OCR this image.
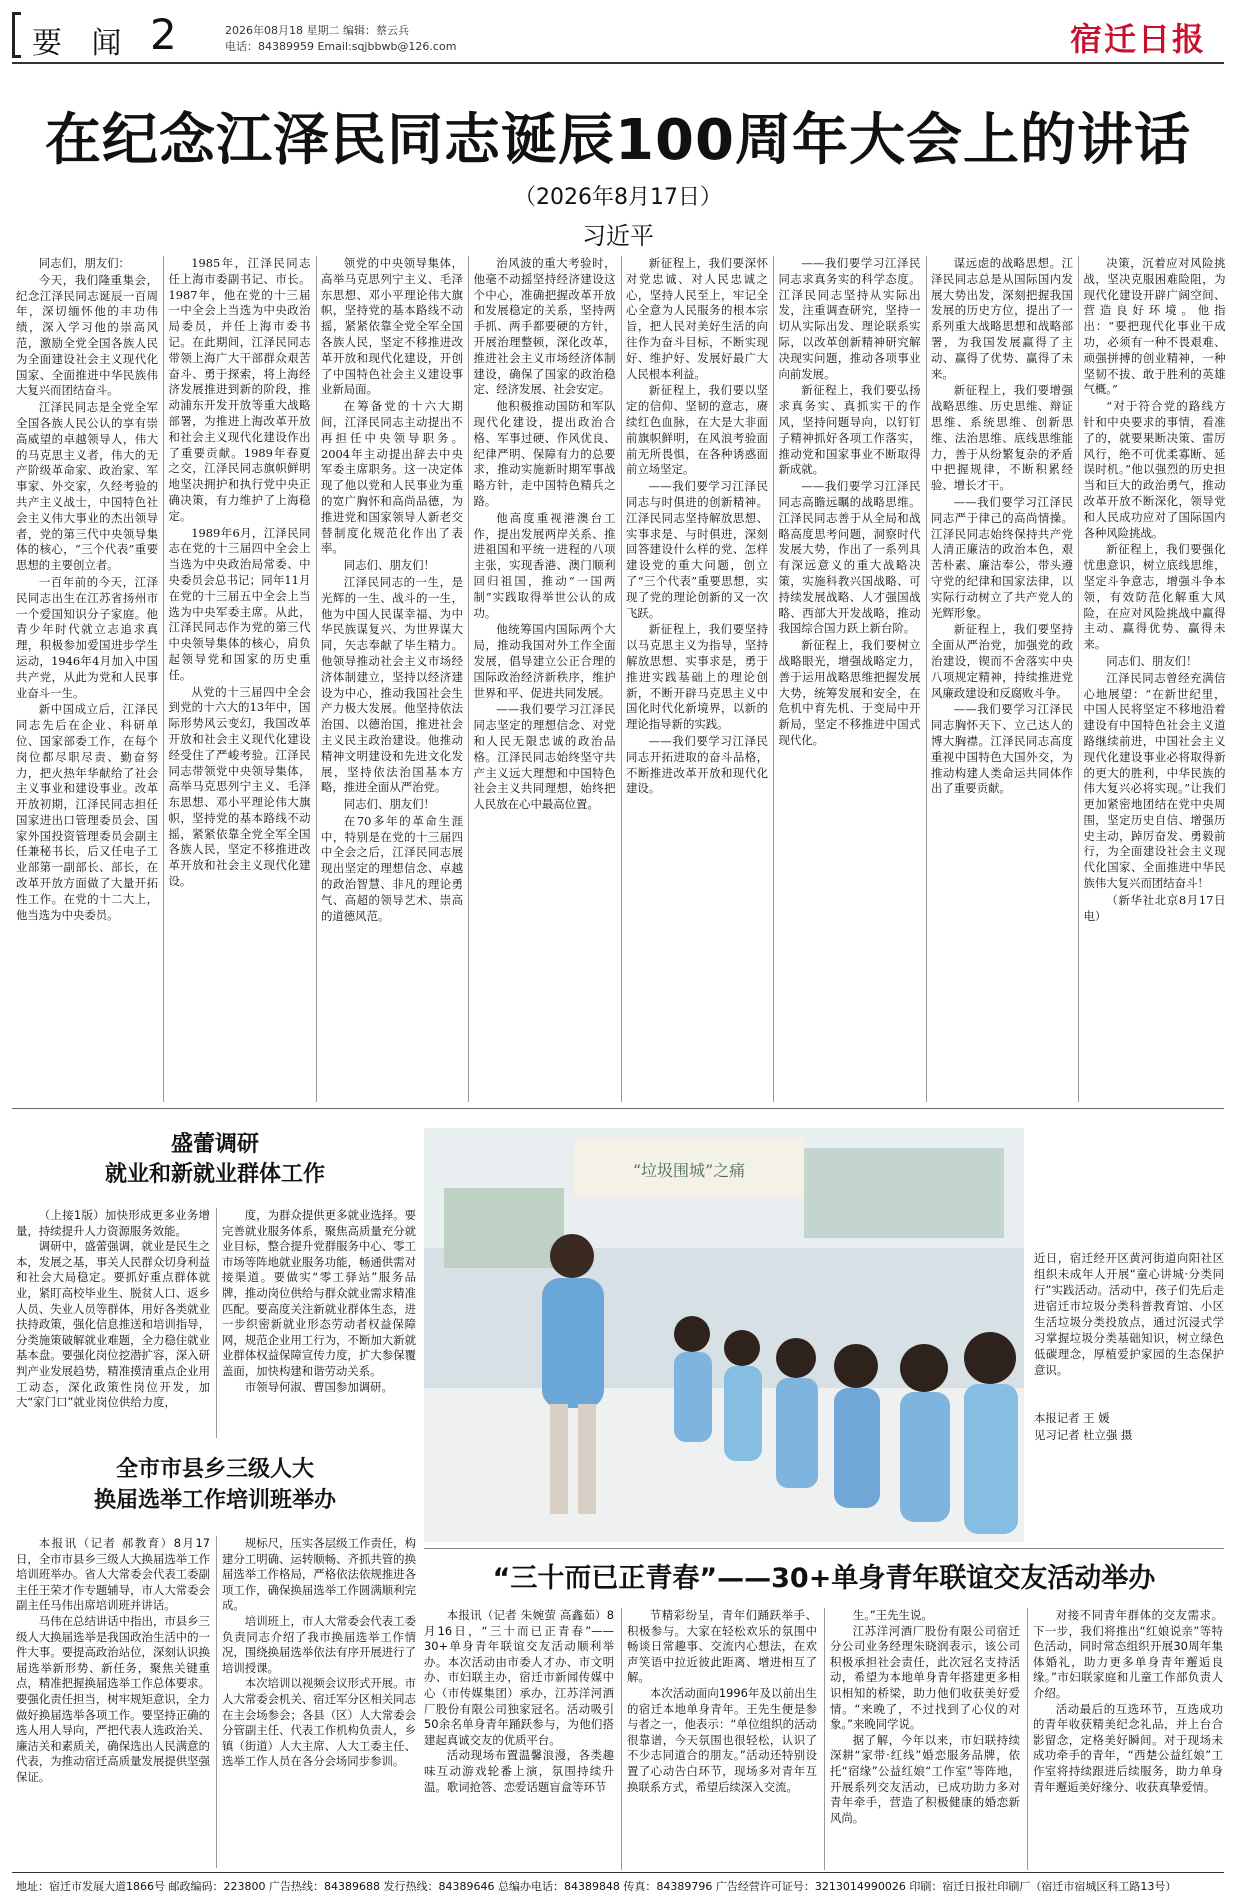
要 闻 2	2026年08月18 星期二 编辑：蔡云兵
电话：84389959 Email:sqjbbwb@126.com	宿迁日报
在纪念江泽民同志诞辰100周年大会上的讲话
（2026年8月17日）
习近平

同志们，朋友们：

今天，我们隆重集会，纪念江泽民同志诞辰一百周年，深切缅怀他的丰功伟绩，深入学习他的崇高风范，激励全党全国各族人民为全面建设社会主义现代化国家、全面推进中华民族伟大复兴而团结奋斗。

江泽民同志是全党全军全国各族人民公认的享有崇高威望的卓越领导人，伟大的马克思主义者，伟大的无产阶级革命家、政治家、军事家、外交家，久经考验的共产主义战士，中国特色社会主义伟大事业的杰出领导者，党的第三代中央领导集体的核心，“三个代表”重要思想的主要创立者。

一百年前的今天，江泽民同志出生在江苏省扬州市一个爱国知识分子家庭。他青少年时代就立志追求真理，积极参加爱国进步学生运动，1946年4月加入中国共产党，从此为党和人民事业奋斗一生。

新中国成立后，江泽民同志先后在企业、科研单位、国家部委工作，在每个岗位都尽职尽责、勤奋努力，把火热年华献给了社会主义事业和建设事业。改革开放初期，江泽民同志担任国家进出口管理委员会、国家外国投资管理委员会副主任兼秘书长，后又任电子工业部第一副部长、部长，在改革开放方面做了大量开拓性工作。在党的十二大上，他当选为中央委员。

1985年，江泽民同志任上海市委副书记、市长。1987年，他在党的十三届一中全会上当选为中央政治局委员，并任上海市委书记。在此期间，江泽民同志带领上海广大干部群众艰苦奋斗、勇于探索，将上海经济发展推进到新的阶段，推动浦东开发开放等重大战略部署，为推进上海改革开放和社会主义现代化建设作出了重要贡献。1989年春夏之交，江泽民同志旗帜鲜明地坚决拥护和执行党中央正确决策，有力维护了上海稳定。

1989年6月，江泽民同志在党的十三届四中全会上当选为中央政治局常委、中央委员会总书记；同年11月在党的十三届五中全会上当选为中央军委主席。从此，江泽民同志作为党的第三代中央领导集体的核心，肩负起领导党和国家的历史重任。

从党的十三届四中全会到党的十六大的13年中，国际形势风云变幻，我国改革开放和社会主义现代化建设经受住了严峻考验。江泽民同志带领党中央领导集体，高举马克思列宁主义、毛泽东思想、邓小平理论伟大旗帜，坚持党的基本路线不动摇，紧紧依靠全党全军全国各族人民，坚定不移推进改革开放和社会主义现代化建设。

领党的中央领导集体，高举马克思列宁主义、毛泽东思想、邓小平理论伟大旗帜，坚持党的基本路线不动摇，紧紧依靠全党全军全国各族人民，坚定不移推进改革开放和现代化建设，开创了中国特色社会主义建设事业新局面。

在筹备党的十六大期间，江泽民同志主动提出不再担任中央领导职务。2004年主动提出辞去中央军委主席职务。这一决定体现了他以党和人民事业为重的宽广胸怀和高尚品德，为推进党和国家领导人新老交替制度化规范化作出了表率。

同志们、朋友们！

江泽民同志的一生，是光辉的一生、战斗的一生，他为中国人民谋幸福、为中华民族谋复兴、为世界谋大同，矢志奉献了毕生精力。他领导推动社会主义市场经济体制建立，坚持以经济建设为中心，推动我国社会生产力极大发展。他坚持依法治国、以德治国，推进社会主义民主政治建设。他推动精神文明建设和先进文化发展，坚持依法治国基本方略，推进全面从严治党。

同志们、朋友们！

在70多年的革命生涯中，特别是在党的十三届四中全会之后，江泽民同志展现出坚定的理想信念、卓越的政治智慧、非凡的理论勇气、高超的领导艺术、崇高的道德风范。

治风波的重大考验时，他毫不动摇坚持经济建设这个中心，准确把握改革开放和发展稳定的关系，坚持两手抓、两手都要硬的方针，开展治理整顿，深化改革，推进社会主义市场经济体制建设，确保了国家的政治稳定、经济发展、社会安定。

他积极推动国防和军队现代化建设，提出政治合格、军事过硬、作风优良、纪律严明、保障有力的总要求，推动实施新时期军事战略方针，走中国特色精兵之路。

他高度重视港澳台工作，提出发展两岸关系、推进祖国和平统一进程的八项主张，实现香港、澳门顺利回归祖国，推动“一国两制”实践取得举世公认的成功。

他统筹国内国际两个大局，推动我国对外工作全面发展，倡导建立公正合理的国际政治经济新秩序，维护世界和平、促进共同发展。

——我们要学习江泽民同志坚定的理想信念、对党和人民无限忠诚的政治品格。江泽民同志始终坚守共产主义远大理想和中国特色社会主义共同理想，始终把人民放在心中最高位置。

新征程上，我们要深怀对党忠诚、对人民忠诚之心，坚持人民至上，牢记全心全意为人民服务的根本宗旨，把人民对美好生活的向往作为奋斗目标，不断实现好、维护好、发展好最广大人民根本利益。

新征程上，我们要以坚定的信仰、坚韧的意志，赓续红色血脉，在大是大非面前旗帜鲜明，在风浪考验面前无所畏惧，在各种诱惑面前立场坚定。

——我们要学习江泽民同志与时俱进的创新精神。江泽民同志坚持解放思想、实事求是、与时俱进，深刻回答建设什么样的党、怎样建设党的重大问题，创立了“三个代表”重要思想，实现了党的理论创新的又一次飞跃。

新征程上，我们要坚持以马克思主义为指导，坚持解放思想、实事求是，勇于推进实践基础上的理论创新，不断开辟马克思主义中国化时代化新境界，以新的理论指导新的实践。

——我们要学习江泽民同志开拓进取的奋斗品格，不断推进改革开放和现代化建设。

——我们要学习江泽民同志求真务实的科学态度。江泽民同志坚持从实际出发，注重调查研究，坚持一切从实际出发、理论联系实际，以改革创新精神研究解决现实问题，推动各项事业向前发展。

新征程上，我们要弘扬求真务实、真抓实干的作风，坚持问题导向，以钉钉子精神抓好各项工作落实，推动党和国家事业不断取得新成就。

——我们要学习江泽民同志高瞻远瞩的战略思维。江泽民同志善于从全局和战略高度思考问题，洞察时代发展大势，作出了一系列具有深远意义的重大战略决策，实施科教兴国战略、可持续发展战略、人才强国战略、西部大开发战略，推动我国综合国力跃上新台阶。

新征程上，我们要树立战略眼光，增强战略定力，善于运用战略思维把握发展大势，统筹发展和安全，在危机中育先机、于变局中开新局，坚定不移推进中国式现代化。

谋远虑的战略思想。江泽民同志总是从国际国内发展大势出发，深刻把握我国发展的历史方位，提出了一系列重大战略思想和战略部署，为我国发展赢得了主动、赢得了优势、赢得了未来。

新征程上，我们要增强战略思维、历史思维、辩证思维、系统思维、创新思维、法治思维、底线思维能力，善于从纷繁复杂的矛盾中把握规律，不断积累经验、增长才干。

——我们要学习江泽民同志严于律己的高尚情操。江泽民同志始终保持共产党人清正廉洁的政治本色，艰苦朴素、廉洁奉公，带头遵守党的纪律和国家法律，以实际行动树立了共产党人的光辉形象。

新征程上，我们要坚持全面从严治党，加强党的政治建设，锲而不舍落实中央八项规定精神，持续推进党风廉政建设和反腐败斗争。

——我们要学习江泽民同志胸怀天下、立己达人的博大胸襟。江泽民同志高度重视中国特色大国外交，为推动构建人类命运共同体作出了重要贡献。

决策，沉着应对风险挑战，坚决克服困难险阻，为现代化建设开辟广阔空间、营造良好环境。他指出：“要把现代化事业干成功，必须有一种不畏艰难、顽强拼搏的创业精神，一种坚韧不拔、敢于胜利的英雄气概。”

“对于符合党的路线方针和中央要求的事情，看准了的，就要果断决策、雷厉风行，绝不可优柔寡断、延误时机。”他以强烈的历史担当和巨大的政治勇气，推动改革开放不断深化，领导党和人民成功应对了国际国内各种风险挑战。

新征程上，我们要强化忧患意识，树立底线思维，坚定斗争意志，增强斗争本领，有效防范化解重大风险，在应对风险挑战中赢得主动、赢得优势、赢得未来。

同志们、朋友们！

江泽民同志曾经充满信心地展望：“在新世纪里，中国人民将坚定不移地沿着建设有中国特色社会主义道路继续前进，中国社会主义现代化建设事业必将取得新的更大的胜利，中华民族的伟大复兴必将实现。”让我们更加紧密地团结在党中央周围，坚定历史自信、增强历史主动，踔厉奋发、勇毅前行，为全面建设社会主义现代化国家、全面推进中华民族伟大复兴而团结奋斗！

（新华社北京8月17日电）

盛蕾调研
就业和新就业群体工作

（上接1版）加快形成更多业务增量，持续提升人力资源服务效能。

调研中，盛蕾强调，就业是民生之本，发展之基，事关人民群众切身利益和社会大局稳定。要抓好重点群体就业，紧盯高校毕业生、脱贫人口、返乡人员、失业人员等群体，用好各类就业扶持政策，强化信息推送和培训指导，分类施策破解就业难题，全力稳住就业基本盘。要强化岗位挖潜扩容，深入研判产业发展趋势，精准摸清重点企业用工动态，深化政策性岗位开发，加大“家门口”就业岗位供给力度，

度，为群众提供更多就业选择。要完善就业服务体系，聚焦高质量充分就业目标，整合提升党群服务中心、零工市场等阵地就业服务功能，畅通供需对接渠道。要做实“零工驿站”服务品牌，推动岗位供给与群众就业需求精准匹配。要高度关注新就业群体生态，进一步织密新就业形态劳动者权益保障网，规范企业用工行为，不断加大新就业群体权益保障宣传力度，扩大参保覆盖面，加快构建和谐劳动关系。

市领导何淑、曹国参加调研。

“垃圾围城”之痛
近日，宿迁经开区黄河街道向阳社区组织未成年人开展“童心讲城·分类同行”实践活动。活动中，孩子们先后走进宿迁市垃圾分类科普教育馆、小区生活垃圾分类投放点，通过沉浸式学习掌握垃圾分类基础知识，树立绿色低碳理念，厚植爱护家园的生态保护意识。
本报记者 王 媛
见习记者 杜立强 摄
全市市县乡三级人大
换届选举工作培训班举办

本报讯（记者 郝教育）8月17日，全市市县乡三级人大换届选举工作培训班举办。省人大常委会代表工委副主任王荣才作专题辅导，市人大常委会副主任马伟出席培训班并讲话。

马伟在总结讲话中指出，市县乡三级人大换届选举是我国政治生活中的一件大事。要提高政治站位，深刻认识换届选举新形势、新任务，聚焦关键重点，精准把握换届选举工作总体要求。要强化责任担当，树牢规矩意识，全力做好换届选举各项工作。要坚持正确的选人用人导向，严把代表人选政治关、廉洁关和素质关，确保选出人民满意的代表，为推动宿迁高质量发展提供坚强保证。

规标尺，压实各层级工作责任，构建分工明确、运转顺畅、齐抓共管的换届选举工作格局，严格依法依规推进各项工作，确保换届选举工作圆满顺利完成。

培训班上，市人大常委会代表工委负责同志介绍了我市换届选举工作情况，围绕换届选举依法有序开展进行了培训授课。

本次培训以视频会议形式开展。市人大常委会机关、宿迁军分区相关同志在主会场参会；各县（区）人大常委会分管副主任、代表工作机构负责人，乡镇（街道）人大主席、人大工委主任、选举工作人员在各分会场同步参训。

“三十而已正青春”——30+单身青年联谊交友活动举办

本报讯（记者 朱婉萤 高鑫茹）8月16日，“三十而已正青春”——30+单身青年联谊交友活动顺利举办。本次活动由市委人才办、市文明办、市妇联主办，宿迁市新闻传媒中心（市传媒集团）承办，江苏洋河酒厂股份有限公司独家冠名。活动吸引50余名单身青年踊跃参与，为他们搭建起真诚交友的优质平台。

活动现场布置温馨浪漫，各类趣味互动游戏轮番上演，氛围持续升温。歌词抢答、恋爱话题盲盒等环节

节精彩纷呈，青年们踊跃举手、积极参与。大家在轻松欢乐的氛围中畅谈日常趣事、交流内心想法，在欢声笑语中拉近彼此距离、增进相互了解。

本次活动面向1996年及以前出生的宿迁本地单身青年。王先生便是参与者之一，他表示：“单位组织的活动很靠谱，今天氛围也很轻松，认识了不少志同道合的朋友。”活动还特别设置了心动告白环节，现场多对青年互换联系方式，希望后续深入交流。

生。”王先生说。

江苏洋河酒厂股份有限公司宿迁分公司业务经理朱晓润表示，该公司积极承担社会责任，此次冠名支持活动，希望为本地单身青年搭建更多相识相知的桥梁，助力他们收获美好爱情。“来晚了，不过找到了心仪的对象。”来晚同学说。

据了解，今年以来，市妇联持续深耕“家带·红线”婚恋服务品牌，依托“宿缘”公益红娘“工作室”等阵地，开展系列交友活动，已成功助力多对青年牵手，营造了积极健康的婚恋新风尚。

对接不同青年群体的交友需求。下一步，我们将推出“红娘说亲”等特色活动，同时常态组织开展30周年集体婚礼，助力更多单身青年邂逅良缘。”市妇联家庭和儿童工作部负责人介绍。

活动最后的互选环节，互选成功的青年收获精美纪念礼品，并上台合影留念，定格美好瞬间。对于现场未成功牵手的青年，“西楚公益红娘”工作室将持续跟进后续服务，助力单身青年邂逅美好缘分、收获真挚爱情。

地址：宿迁市发展大道1866号 邮政编码：223800 广告热线：84389688 发行热线：84389646 总编办电话：84389848 传真：84389796 广告经营许可证号：3213014990026 印刷：宿迁日报社印刷厂（宿迁市宿城区科工路13号）
